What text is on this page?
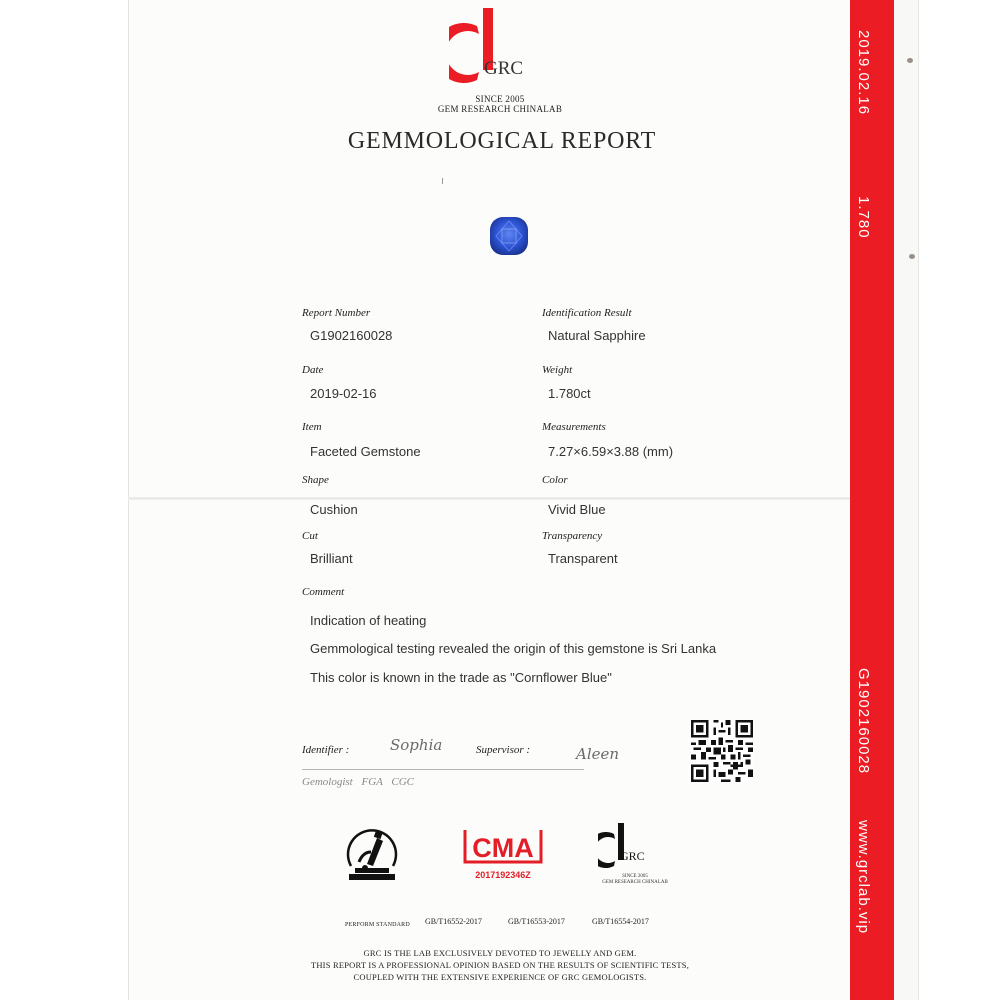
2019.02.16
1.780
G1902160028
www.grclab.vip
GRC
SINCE 2005
GEM RESEARCH CHINALAB
GEMMOLOGICAL REPORT
Report Number
G1902160028
Identification Result
Natural Sapphire
Date
2019-02-16
Weight
1.780ct
Item
Faceted Gemstone
Measurements
7.27×6.59×3.88 (mm)
Shape
Cushion
Color
Vivid Blue
Cut
Brilliant
Transparency
Transparent
Comment
Indication of heating
Gemmological testing revealed the origin of this gemstone is Sri Lanka
This color is known in the trade as "Cornflower Blue"
Identifier :	Sophia	Supervisor :	Aleen
Gemologist FGA CGC
CMA
2017192346Z
GRC
SINCE 2005
GEM RESEARCH CHINALAB
PERFORM STANDARD GB/T16552-2017	GB/T16553-2017	GB/T16554-2017
GRC IS THE LAB EXCLUSIVELY DEVOTED TO JEWELLY AND GEM.
THIS REPORT IS A PROFESSIONAL OPINION BASED ON THE RESULTS OF SCIENTIFIC TESTS,
COUPLED WITH THE EXTENSIVE EXPERIENCE OF GRC GEMOLOGISTS.
